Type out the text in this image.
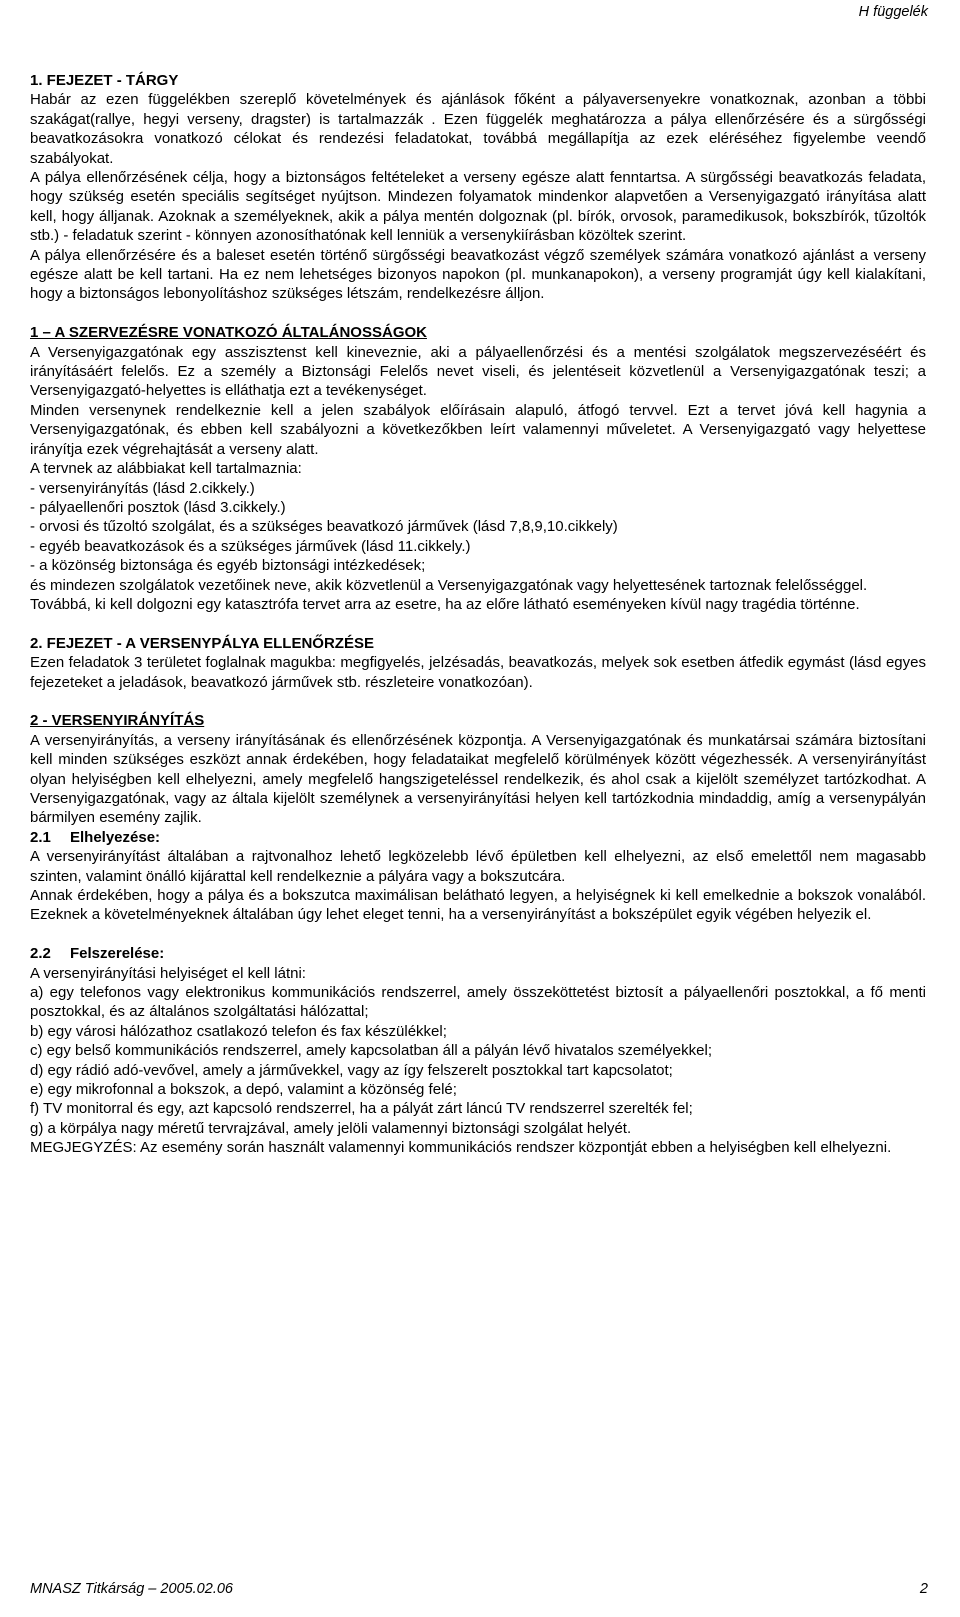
H függelék

1. FEJEZET - TÁRGY

Habár az ezen függelékben szereplő követelmények és ajánlások főként a pályaversenyekre vonatkoznak, azonban a többi szakágat(rallye, hegyi verseny, dragster) is tartalmazzák . Ezen függelék meghatározza a pálya ellenőrzésére és a sürgősségi beavatkozásokra vonatkozó célokat és rendezési feladatokat, továbbá megállapítja az ezek eléréséhez figyelembe veendő szabályokat.

A pálya ellenőrzésének célja, hogy a biztonságos feltételeket a verseny egésze alatt fenntartsa. A sürgősségi beavatkozás feladata, hogy szükség esetén speciális segítséget nyújtson. Mindezen folyamatok mindenkor alapvetően a Versenyigazgató irányítása alatt kell, hogy álljanak. Azoknak a személyeknek, akik a pálya mentén dolgoznak (pl. bírók, orvosok, paramedikusok, bokszbírók, tűzoltók stb.) - feladatuk szerint - könnyen azonosíthatónak kell lenniük a versenykiírásban közöltek szerint.

A pálya ellenőrzésére és a baleset esetén történő sürgősségi beavatkozást végző személyek számára vonatkozó ajánlást a verseny egésze alatt be kell tartani. Ha ez nem lehetséges bizonyos napokon (pl. munkanapokon), a verseny programját úgy kell kialakítani, hogy a biztonságos lebonyolításhoz szükséges létszám, rendelkezésre álljon.

1 – A SZERVEZÉSRE VONATKOZÓ ÁLTALÁNOSSÁGOK

A Versenyigazgatónak egy asszisztenst kell kineveznie, aki a pályaellenőrzési és a mentési szolgálatok megszervezéséért és irányításáért felelős. Ez a személy a Biztonsági Felelős nevet viseli, és jelentéseit közvetlenül a Versenyigazgatónak teszi; a Versenyigazgató-helyettes is elláthatja ezt a tevékenységet.

Minden versenynek rendelkeznie kell a jelen szabályok előírásain alapuló, átfogó tervvel. Ezt a tervet jóvá kell hagynia a Versenyigazgatónak, és ebben kell szabályozni a következőkben leírt valamennyi műveletet. A Versenyigazgató vagy helyettese irányítja ezek végrehajtását a verseny alatt.

A tervnek az alábbiakat kell tartalmaznia:

- versenyirányítás (lásd 2.cikkely.)

- pályaellenőri posztok (lásd 3.cikkely.)

- orvosi és tűzoltó szolgálat, és a szükséges beavatkozó járművek (lásd 7,8,9,10.cikkely)

- egyéb beavatkozások és a szükséges járművek (lásd 11.cikkely.)

- a közönség biztonsága és egyéb biztonsági intézkedések;

és mindezen szolgálatok vezetőinek neve, akik közvetlenül a Versenyigazgatónak vagy helyettesének tartoznak felelősséggel.

Továbbá, ki kell dolgozni egy katasztrófa tervet arra az esetre, ha az előre látható eseményeken kívül nagy tragédia történne.

2. FEJEZET - A VERSENYPÁLYA ELLENŐRZÉSE

Ezen feladatok 3 területet foglalnak magukba: megfigyelés, jelzésadás, beavatkozás, melyek sok esetben átfedik egymást (lásd egyes fejezeteket a jeladások, beavatkozó járművek stb. részleteire vonatkozóan).

2 - VERSENYIRÁNYÍTÁS

A versenyirányítás, a verseny irányításának és ellenőrzésének központja. A Versenyigazgatónak és munkatársai számára biztosítani kell minden szükséges eszközt annak érdekében, hogy feladataikat megfelelő körülmények között végezhessék. A versenyirányítást olyan helyiségben kell elhelyezni, amely megfelelő hangszigeteléssel rendelkezik, és ahol csak a kijelölt személyzet tartózkodhat. A Versenyigazgatónak, vagy az általa kijelölt személynek a versenyirányítási helyen kell tartózkodnia mindaddig, amíg a versenypályán bármilyen esemény zajlik.

2.1 Elhelyezése:

A versenyirányítást általában a rajtvonalhoz lehető legközelebb lévő épületben kell elhelyezni, az első emelettől nem magasabb szinten, valamint önálló kijárattal kell rendelkeznie a pályára vagy a bokszutcára.

Annak érdekében, hogy a pálya és a bokszutca maximálisan belátható legyen, a helyiségnek ki kell emelkednie a bokszok vonalából. Ezeknek a követelményeknek általában úgy lehet eleget tenni, ha a versenyirányítást a bokszépület egyik végében helyezik el.

2.2 Felszerelése:

A versenyirányítási helyiséget el kell látni:

a) egy telefonos vagy elektronikus kommunikációs rendszerrel, amely összeköttetést biztosít a pályaellenőri posztokkal, a fő menti posztokkal, és az általános szolgáltatási hálózattal;

b) egy városi hálózathoz csatlakozó telefon és fax készülékkel;

c) egy belső kommunikációs rendszerrel, amely kapcsolatban áll a pályán lévő hivatalos személyekkel;

d) egy rádió adó-vevővel, amely a járművekkel, vagy az így felszerelt posztokkal tart kapcsolatot;

e) egy mikrofonnal a bokszok, a depó, valamint a közönség felé;

f) TV monitorral és egy, azt kapcsoló rendszerrel, ha a pályát zárt láncú TV rendszerrel szerelték fel;

g) a körpálya nagy méretű tervrajzával, amely jelöli valamennyi biztonsági szolgálat helyét.

MEGJEGYZÉS: Az esemény során használt valamennyi kommunikációs rendszer központját ebben a helyiségben kell elhelyezni.

MNASZ Titkárság – 2005.02.06	2
